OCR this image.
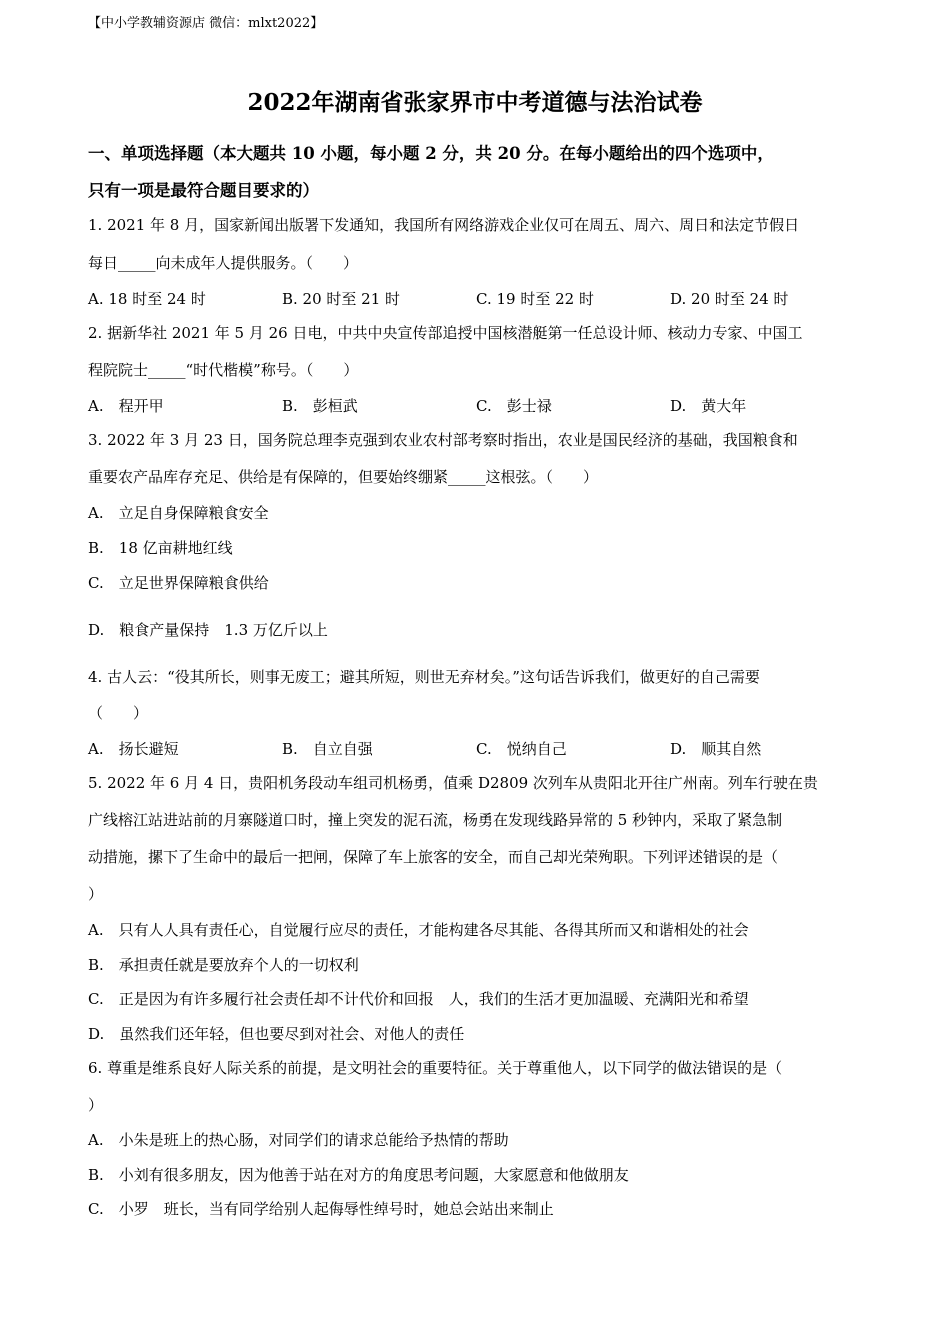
【中小学教辅资源店 微信：mlxt2022】
2022年湖南省张家界市中考道德与法治试卷
一、单项选择题（本大题共 10 小题，每小题 2 分，共 20 分。在每小题给出的四个选项中，
只有一项是最符合题目要求的）
1. 2021 年 8 月，国家新闻出版署下发通知，我国所有网络游戏企业仅可在周五、周六、周日和法定节假日
每日_____向未成年人提供服务。（　　）
A. 18 时至 24 时	B. 20 时至 21 时	C. 19 时至 22 时	D. 20 时至 24 时
2. 据新华社 2021 年 5 月 26 日电，中共中央宣传部追授中国核潜艇第一任总设计师、核动力专家、中国工
程院院士_____“时代楷模”称号。（　　）
A.　程开甲	B.　彭桓武	C.　彭士禄	D.　黄大年
3. 2022 年 3 月 23 日，国务院总理李克强到农业农村部考察时指出，农业是国民经济的基础，我国粮食和
重要农产品库存充足、供给是有保障的，但要始终绷紧_____这根弦。（　　）
A.　立足自身保障粮食安全
B.　18 亿亩耕地红线
C.　立足世界保障粮食供给
D.　粮食产量保持　1.3 万亿斤以上
4. 古人云：“役其所长，则事无废工；避其所短，则世无弃材矣。”这句话告诉我们，做更好的自己需要
（　　）
A.　扬长避短	B.　自立自强	C.　悦纳自己	D.　顺其自然
5. 2022 年 6 月 4 日，贵阳机务段动车组司机杨勇，值乘 D2809 次列车从贵阳北开往广州南。列车行驶在贵
广线榕江站进站前的月寨隧道口时，撞上突发的泥石流，杨勇在发现线路异常的 5 秒钟内，采取了紧急制
动措施，摞下了生命中的最后一把闸，保障了车上旅客的安全，而自己却光荣殉职。下列评述错误的是（
）
A.　只有人人具有责任心，自觉履行应尽的责任，才能构建各尽其能、各得其所而又和谐相处的社会
B.　承担责任就是要放弃个人的一切权利
C.　正是因为有许多履行社会责任却不计代价和回报　人，我们的生活才更加温暖、充满阳光和希望
D.　虽然我们还年轻，但也要尽到对社会、对他人的责任
6. 尊重是维系良好人际关系的前提，是文明社会的重要特征。关于尊重他人，以下同学的做法错误的是（
）
A.　小朱是班上的热心肠，对同学们的请求总能给予热情的帮助
B.　小刘有很多朋友，因为他善于站在对方的角度思考问题，大家愿意和他做朋友
C.　小罗　班长，当有同学给别人起侮辱性绰号时，她总会站出来制止
